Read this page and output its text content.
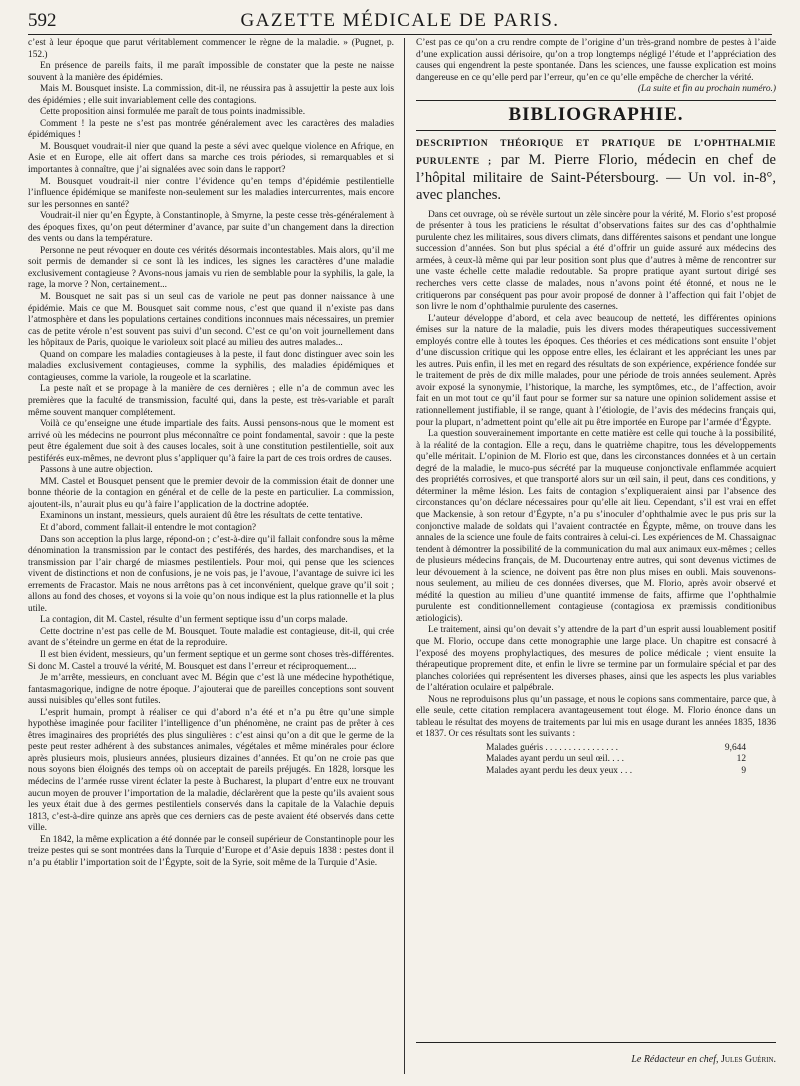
592	GAZETTE MÉDICALE DE PARIS.

c’est à leur époque que parut véritablement commencer le règne de la maladie. » (Pugnet, p. 152.)

En présence de pareils faits, il me paraît impossible de constater que la peste ne naisse souvent à la manière des épidémies.

Mais M. Bousquet insiste. La commission, dit-il, ne réussira pas à assujettir la peste aux lois des épidémies ; elle suit invariablement celle des contagions.

Cette proposition ainsi formulée me paraît de tous points inadmissible.

Comment ! la peste ne s’est pas montrée généralement avec les caractères des maladies épidémiques !

M. Bousquet voudrait-il nier que quand la peste a sévi avec quelque violence en Afrique, en Asie et en Europe, elle ait offert dans sa marche ces trois périodes, si remarquables et si importantes à connaître, que j’ai signalées avec soin dans le rapport?

M. Bousquet voudrait-il nier contre l’évidence qu’en temps d’épidémie pestilentielle l’influence épidémique se manifeste non-seulement sur les maladies intercurrentes, mais encore sur les personnes en santé?

Voudrait-il nier qu’en Égypte, à Constantinople, à Smyrne, la peste cesse très-généralement à des époques fixes, qu’on peut déterminer d’avance, par suite d’un changement dans la direction des vents ou dans la température.

Personne ne peut révoquer en doute ces vérités désormais incontestables. Mais alors, qu’il me soit permis de demander si ce sont là les indices, les signes les caractères d’une maladie exclusivement contagieuse ? Avons-nous jamais vu rien de semblable pour la syphilis, la gale, la rage, la morve ? Non, certainement...

M. Bousquet ne sait pas si un seul cas de variole ne peut pas donner naissance à une épidémie. Mais ce que M. Bousquet sait comme nous, c’est que quand il n’existe pas dans l’atmosphère et dans les populations certaines conditions inconnues mais nécessaires, un premier cas de petite vérole n’est souvent pas suivi d’un second. C’est ce qu’on voit journellement dans les hôpitaux de Paris, quoique le varioleux soit placé au milieu des autres malades...

Quand on compare les maladies contagieuses à la peste, il faut donc distinguer avec soin les maladies exclusivement contagieuses, comme la syphilis, des maladies épidémiques et contagieuses, comme la variole, la rougeole et la scarlatine.

La peste naît et se propage à la manière de ces dernières ; elle n’a de commun avec les premières que la faculté de transmission, faculté qui, dans la peste, est très-variable et paraît même souvent manquer complétement.

Voilà ce qu’enseigne une étude impartiale des faits. Aussi pensons-nous que le moment est arrivé où les médecins ne pourront plus méconnaître ce point fondamental, savoir : que la peste peut être également due soit à des causes locales, soit à une constitution pestilentielle, soit aux pestiférés eux-mêmes, ne devront plus s’appliquer qu’à faire la part de ces trois ordres de causes.

Passons à une autre objection.

MM. Castel et Bousquet pensent que le premier devoir de la commission était de donner une bonne théorie de la contagion en général et de celle de la peste en particulier. La commission, ajoutent-ils, n’aurait plus eu qu’à faire l’application de la doctrine adoptée.

Examinons un instant, messieurs, quels auraient dû être les résultats de cette tentative.

Et d’abord, comment fallait-il entendre le mot contagion?

Dans son acception la plus large, répond-on ; c’est-à-dire qu’il fallait confondre sous la même dénomination la transmission par le contact des pestiférés, des hardes, des marchandises, et la transmission par l’air chargé de miasmes pestilentiels. Pour moi, qui pense que les sciences vivent de distinctions et non de confusions, je ne vois pas, je l’avoue, l’avantage de suivre ici les errements de Fracastor. Mais ne nous arrêtons pas à cet inconvénient, quelque grave qu’il soit ; allons au fond des choses, et voyons si la voie qu’on nous indique est la plus rationnelle et la plus utile.

La contagion, dit M. Castel, résulte d’un ferment septique issu d’un corps malade.

Cette doctrine n’est pas celle de M. Bousquet. Toute maladie est contagieuse, dit-il, qui crée avant de s’éteindre un germe en état de la reproduire.

Il est bien évident, messieurs, qu’un ferment septique et un germe sont choses très-différentes. Si donc M. Castel a trouvé la vérité, M. Bousquet est dans l’erreur et réciproquement....

Je m’arrête, messieurs, en concluant avec M. Bégin que c’est là une médecine hypothétique, fantasmagorique, indigne de notre époque. J’ajouterai que de pareilles conceptions sont souvent aussi nuisibles qu’elles sont futiles.

L’esprit humain, prompt à réaliser ce qui d’abord n’a été et n’a pu être qu’une simple hypothèse imaginée pour faciliter l’intelligence d’un phénomène, ne craint pas de prêter à ces êtres imaginaires des propriétés des plus singulières : c’est ainsi qu’on a dit que le germe de la peste peut rester adhérent à des substances animales, végétales et même minérales pour éclore après plusieurs mois, plusieurs années, plusieurs dizaines d’années. Et qu’on ne croie pas que nous soyons bien éloignés des temps où on acceptait de pareils préjugés. En 1828, lorsque les médecins de l’armée russe virent éclater la peste à Bucharest, la plupart d’entre eux ne trouvant aucun moyen de prouver l’importation de la maladie, déclarèrent que la peste qu’ils avaient sous les yeux était due à des germes pestilentiels conservés dans la capitale de la Valachie depuis 1813, c’est-à-dire quinze ans après que ces derniers cas de peste avaient été observés dans cette ville.

En 1842, la même explication a été donnée par le conseil supérieur de Constantinople pour les treize pestes qui se sont montrées dans la Turquie d’Europe et d’Asie depuis 1838 : pestes dont il n’a pu établir l’importation soit de l’Égypte, soit de la Syrie, soit même de la Turquie d’Asie.

C’est pas ce qu’on a cru rendre compte de l’origine d’un très-grand nombre de pestes à l’aide d’une explication aussi dérisoire, qu’on a trop longtemps négligé l’étude et l’appréciation des causes qui engendrent la peste spontanée. Dans les sciences, une fausse explication est moins dangereuse en ce qu’elle perd par l’erreur, qu’en ce qu’elle empêche de chercher la vérité.

(La suite et fin au prochain numéro.)

BIBLIOGRAPHIE.
DESCRIPTION THÉORIQUE ET PRATIQUE DE L’OPHTHALMIE PURULENTE ; par M. Pierre Florio, médecin en chef de l’hôpital militaire de Saint-Pétersbourg. — Un vol. in-8°, avec planches.

Dans cet ouvrage, où se révèle surtout un zèle sincère pour la vérité, M. Florio s’est proposé de présenter à tous les praticiens le résultat d’observations faites sur des cas d’ophthalmie purulente chez les militaires, sous divers climats, dans différentes saisons et pendant une longue succession d’années. Son but plus spécial a été d’offrir un guide assuré aux médecins des armées, à ceux-là même qui par leur position sont plus que d’autres à même de rencontrer sur une vaste échelle cette maladie redoutable. Sa propre pratique ayant surtout dirigé ses recherches vers cette classe de malades, nous n’avons point été étonné, et nous ne le critiquerons par conséquent pas pour avoir proposé de donner à l’affection qui fait l’objet de son livre le nom d’ophthalmie purulente des casernes.

L’auteur développe d’abord, et cela avec beaucoup de netteté, les différentes opinions émises sur la nature de la maladie, puis les divers modes thérapeutiques successivement employés contre elle à toutes les époques. Ces théories et ces médications sont ensuite l’objet d’une discussion critique qui les oppose entre elles, les éclairant et les appréciant les unes par les autres. Puis enfin, il les met en regard des résultats de son expérience, expérience fondée sur le traitement de près de dix mille malades, pour une période de trois années seulement. Après avoir exposé la synonymie, l’historique, la marche, les symptômes, etc., de l’affection, avoir fait en un mot tout ce qu’il faut pour se former sur sa nature une opinion solidement assise et rationnellement justifiable, il se range, quant à l’étiologie, de l’avis des médecins français qui, pour la plupart, n’admettent point qu’elle ait pu être importée en Europe par l’armée d’Égypte.

La question souverainement importante en cette matière est celle qui touche à la possibilité, à la réalité de la contagion. Elle a reçu, dans le quatrième chapitre, tous les développements qu’elle méritait. L’opinion de M. Florio est que, dans les circonstances données et à un certain degré de la maladie, le muco-pus sécrété par la muqueuse conjonctivale enflammée acquiert des propriétés corrosives, et que transporté alors sur un œil sain, il peut, dans ces conditions, y déterminer la même lésion. Les faits de contagion s’expliqueraient ainsi par l’absence des circonstances qu’on déclare nécessaires pour qu’elle ait lieu. Cependant, s’il est vrai en effet que Mackensie, à son retour d’Égypte, n’a pu s’inoculer d’ophthalmie avec le pus pris sur la conjonctive malade de soldats qui l’avaient contractée en Égypte, même, on trouve dans les annales de la science une foule de faits contraires à celui-ci. Les expériences de M. Chassaignac tendent à démontrer la possibilité de la communication du mal aux animaux eux-mêmes ; celles de plusieurs médecins français, de M. Ducourtenay entre autres, qui sont devenus victimes de leur dévouement à la science, ne doivent pas être non plus mises en oubli. Mais souvenons-nous seulement, au milieu de ces données diverses, que M. Florio, après avoir observé et médité la question au milieu d’une quantité immense de faits, affirme que l’ophthalmie purulente est conditionnellement contagieuse (contagiosa ex præmissis conditionibus ætiologicis).

Le traitement, ainsi qu’on devait s’y attendre de la part d’un esprit aussi louablement positif que M. Florio, occupe dans cette monographie une large place. Un chapitre est consacré à l’exposé des moyens prophylactiques, des mesures de police médicale ; vient ensuite la thérapeutique proprement dite, et enfin le livre se termine par un formulaire spécial et par des planches coloriées qui représentent les diverses phases, ainsi que les aspects les plus variables de l’altération oculaire et palpébrale.

Nous ne reproduisons plus qu’un passage, et nous le copions sans commentaire, parce que, à elle seule, cette citation remplacera avantageusement tout éloge. M. Florio énonce dans un tableau le résultat des moyens de traitements par lui mis en usage durant les années 1835, 1836 et 1837. Or ces résultats sont les suivants :

Malades guéris . . . . . . . . . . . . . . . .	9,644
Malades ayant perdu un seul œil. . . .	12
Malades ayant perdu les deux yeux . . .	9
Le Rédacteur en chef, Jules Guérin.
